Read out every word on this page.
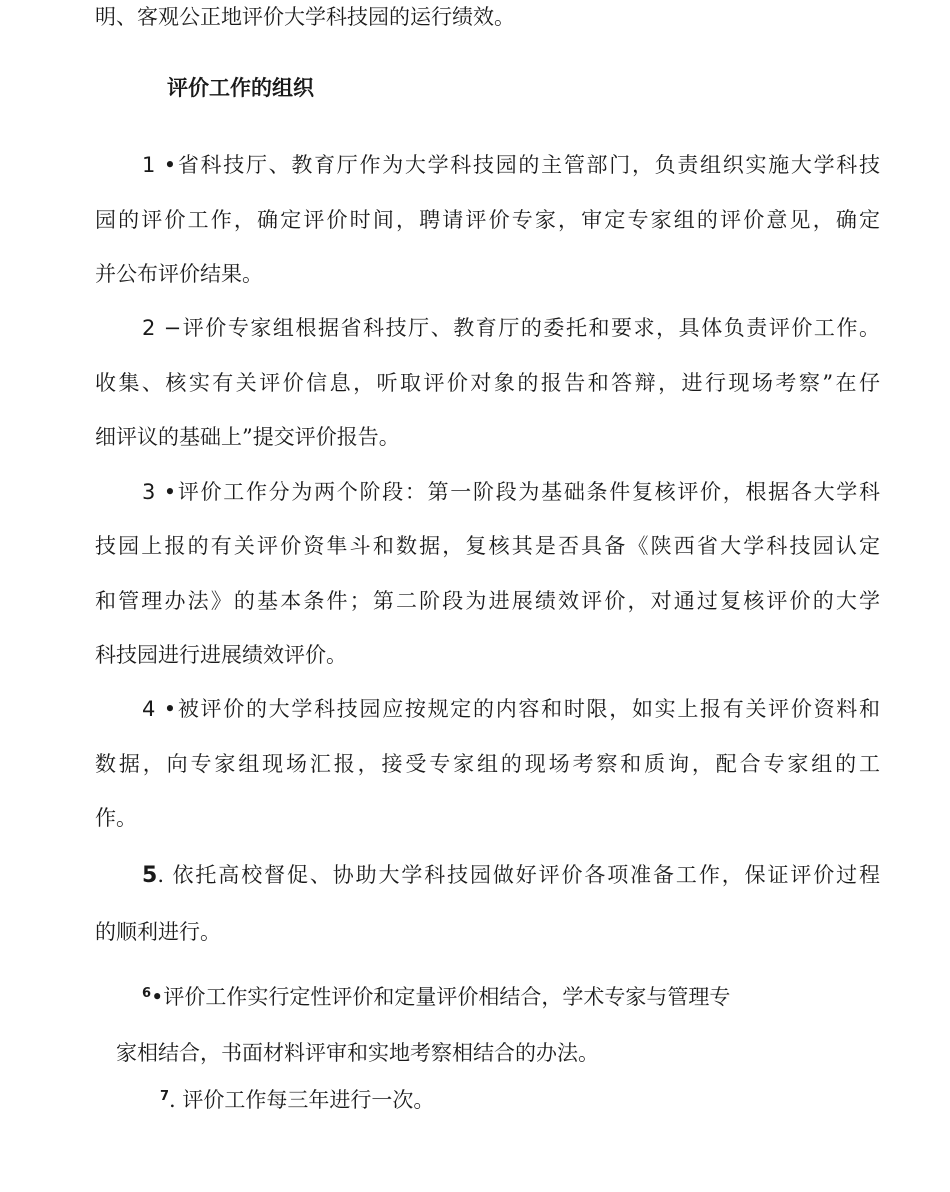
明、客观公正地评价大学科技园的运行绩效。
评价工作的组织
1 •省科技厅、教育厅作为大学科技园的主管部门，负责组织实施大学科技
园的评价工作，确定评价时间，聘请评价专家，审定专家组的评价意见，确定
并公布评价结果。
2 −评价专家组根据省科技厅、教育厅的委托和要求，具体负责评价工作。
收集、核实有关评价信息，听取评价对象的报告和答辩，进行现场考察”在仔
细评议的基础上”提交评价报告。
3 •评价工作分为两个阶段：第一阶段为基础条件复核评价，根据各大学科
技园上报的有关评价资隼斗和数据，复核其是否具备《陕西省大学科技园认定
和管理办法》的基本条件；第二阶段为进展绩效评价，对通过复核评价的大学
科技园进行进展绩效评价。
4 •被评价的大学科技园应按规定的内容和时限，如实上报有关评价资料和
数据，向专家组现场汇报，接受专家组的现场考察和质询，配合专家组的工
作。
5. 依托高校督促、协助大学科技园做好评价各项准备工作，保证评价过程
的顺利进行。
$^6$•评价工作实行定性评价和定量评价相结合，学术专家与管理专
家相结合，书面材料评审和实地考察相结合的办法。
$^7$. 评价工作每三年进行一次。
